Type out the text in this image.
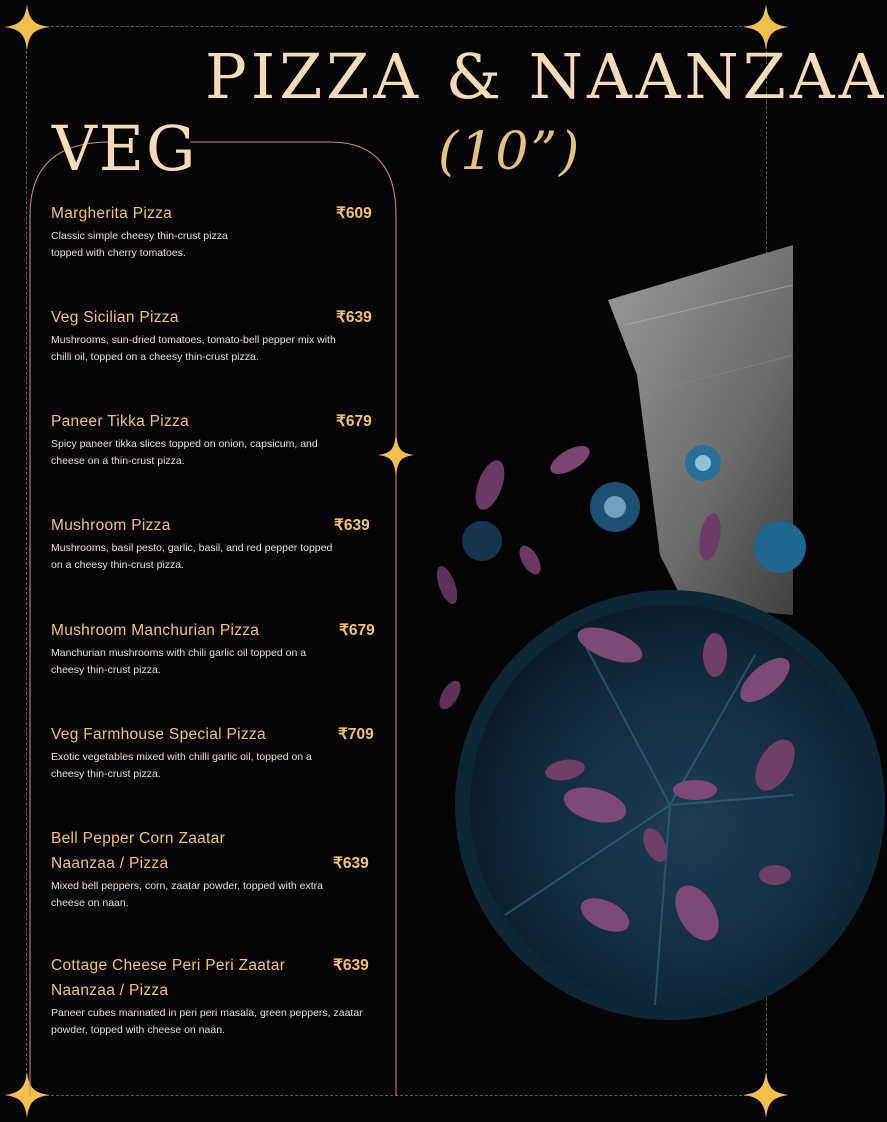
PIZZA & NAANZAA
VEG	(10”)
Margherita Pizza	₹609
Classic simple cheesy thin-crust pizza topped with cherry tomatoes.
Veg Sicilian Pizza	₹639
Mushrooms, sun-dried tomatoes, tomato-bell pepper mix with chilli oil, topped on a cheesy thin-crust pizza.
Paneer Tikka Pizza	₹679
Spicy paneer tikka slices topped on onion, capsicum, and cheese on a thin-crust pizza.
Mushroom Pizza	₹639
Mushrooms, basil pesto, garlic, basil, and red pepper topped on a cheesy thin-crust pizza.
Mushroom Manchurian Pizza	₹679
Manchurian mushrooms with chili garlic oil topped on a cheesy thin-crust pizza.
Veg Farmhouse Special Pizza	₹709
Exotic vegetables mixed with chilli garlic oil, topped on a cheesy thin-crust pizza.
Bell Pepper Corn Zaatar
Naanzaa / Pizza	₹639
Mixed bell peppers, corn, zaatar powder, topped with extra cheese on naan.
Cottage Cheese Peri Peri Zaatar
Naanzaa / Pizza
₹639
Paneer cubes marinated in peri peri masala, green peppers, zaatar powder, topped with cheese on naan.
